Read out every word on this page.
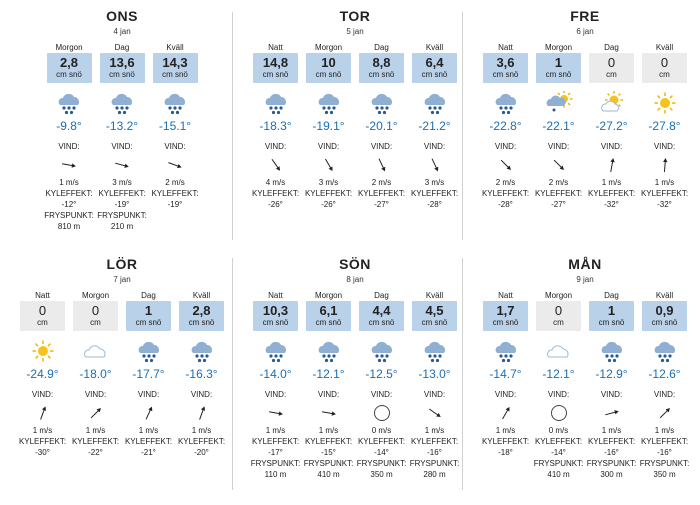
ONS
4 jan
Morgon
2,8
cm snö
-9.8°
VIND:
1 m/s
KYLEFFEKT:
-12°
FRYSPUNKT:
810 m
Dag
13,6
cm snö
-13.2°
VIND:
3 m/s
KYLEFFEKT:
-19°
FRYSPUNKT:
210 m
Kväll
14,3
cm snö
-15.1°
VIND:
2 m/s
KYLEFFEKT:
-19°
TOR
5 jan
Natt
14,8
cm snö
-18.3°
VIND:
4 m/s
KYLEFFEKT:
-26°
Morgon
10
cm snö
-19.1°
VIND:
3 m/s
KYLEFFEKT:
-26°
Dag
8,8
cm snö
-20.1°
VIND:
2 m/s
KYLEFFEKT:
-27°
Kväll
6,4
cm snö
-21.2°
VIND:
3 m/s
KYLEFFEKT:
-28°
FRE
6 jan
Natt
3,6
cm snö
-22.8°
VIND:
2 m/s
KYLEFFEKT:
-28°
Morgon
1
cm snö
-22.1°
VIND:
2 m/s
KYLEFFEKT:
-27°
Dag
0
cm
-27.2°
VIND:
1 m/s
KYLEFFEKT:
-32°
Kväll
0
cm
-27.8°
VIND:
1 m/s
KYLEFFEKT:
-32°
LÖR
7 jan
Natt
0
cm
-24.9°
VIND:
1 m/s
KYLEFFEKT:
-30°
Morgon
0
cm
-18.0°
VIND:
1 m/s
KYLEFFEKT:
-22°
Dag
1
cm snö
-17.7°
VIND:
1 m/s
KYLEFFEKT:
-21°
Kväll
2,8
cm snö
-16.3°
VIND:
1 m/s
KYLEFFEKT:
-20°
SÖN
8 jan
Natt
10,3
cm snö
-14.0°
VIND:
1 m/s
KYLEFFEKT:
-17°
FRYSPUNKT:
110 m
Morgon
6,1
cm snö
-12.1°
VIND:
1 m/s
KYLEFFEKT:
-15°
FRYSPUNKT:
410 m
Dag
4,4
cm snö
-12.5°
VIND:
0 m/s
KYLEFFEKT:
-14°
FRYSPUNKT:
350 m
Kväll
4,5
cm snö
-13.0°
VIND:
1 m/s
KYLEFFEKT:
-16°
FRYSPUNKT:
280 m
MÅN
9 jan
Natt
1,7
cm snö
-14.7°
VIND:
1 m/s
KYLEFFEKT:
-18°
Morgon
0
cm
-12.1°
VIND:
0 m/s
KYLEFFEKT:
-14°
FRYSPUNKT:
410 m
Dag
1
cm snö
-12.9°
VIND:
1 m/s
KYLEFFEKT:
-16°
FRYSPUNKT:
300 m
Kväll
0,9
cm snö
-12.6°
VIND:
1 m/s
KYLEFFEKT:
-16°
FRYSPUNKT:
350 m
